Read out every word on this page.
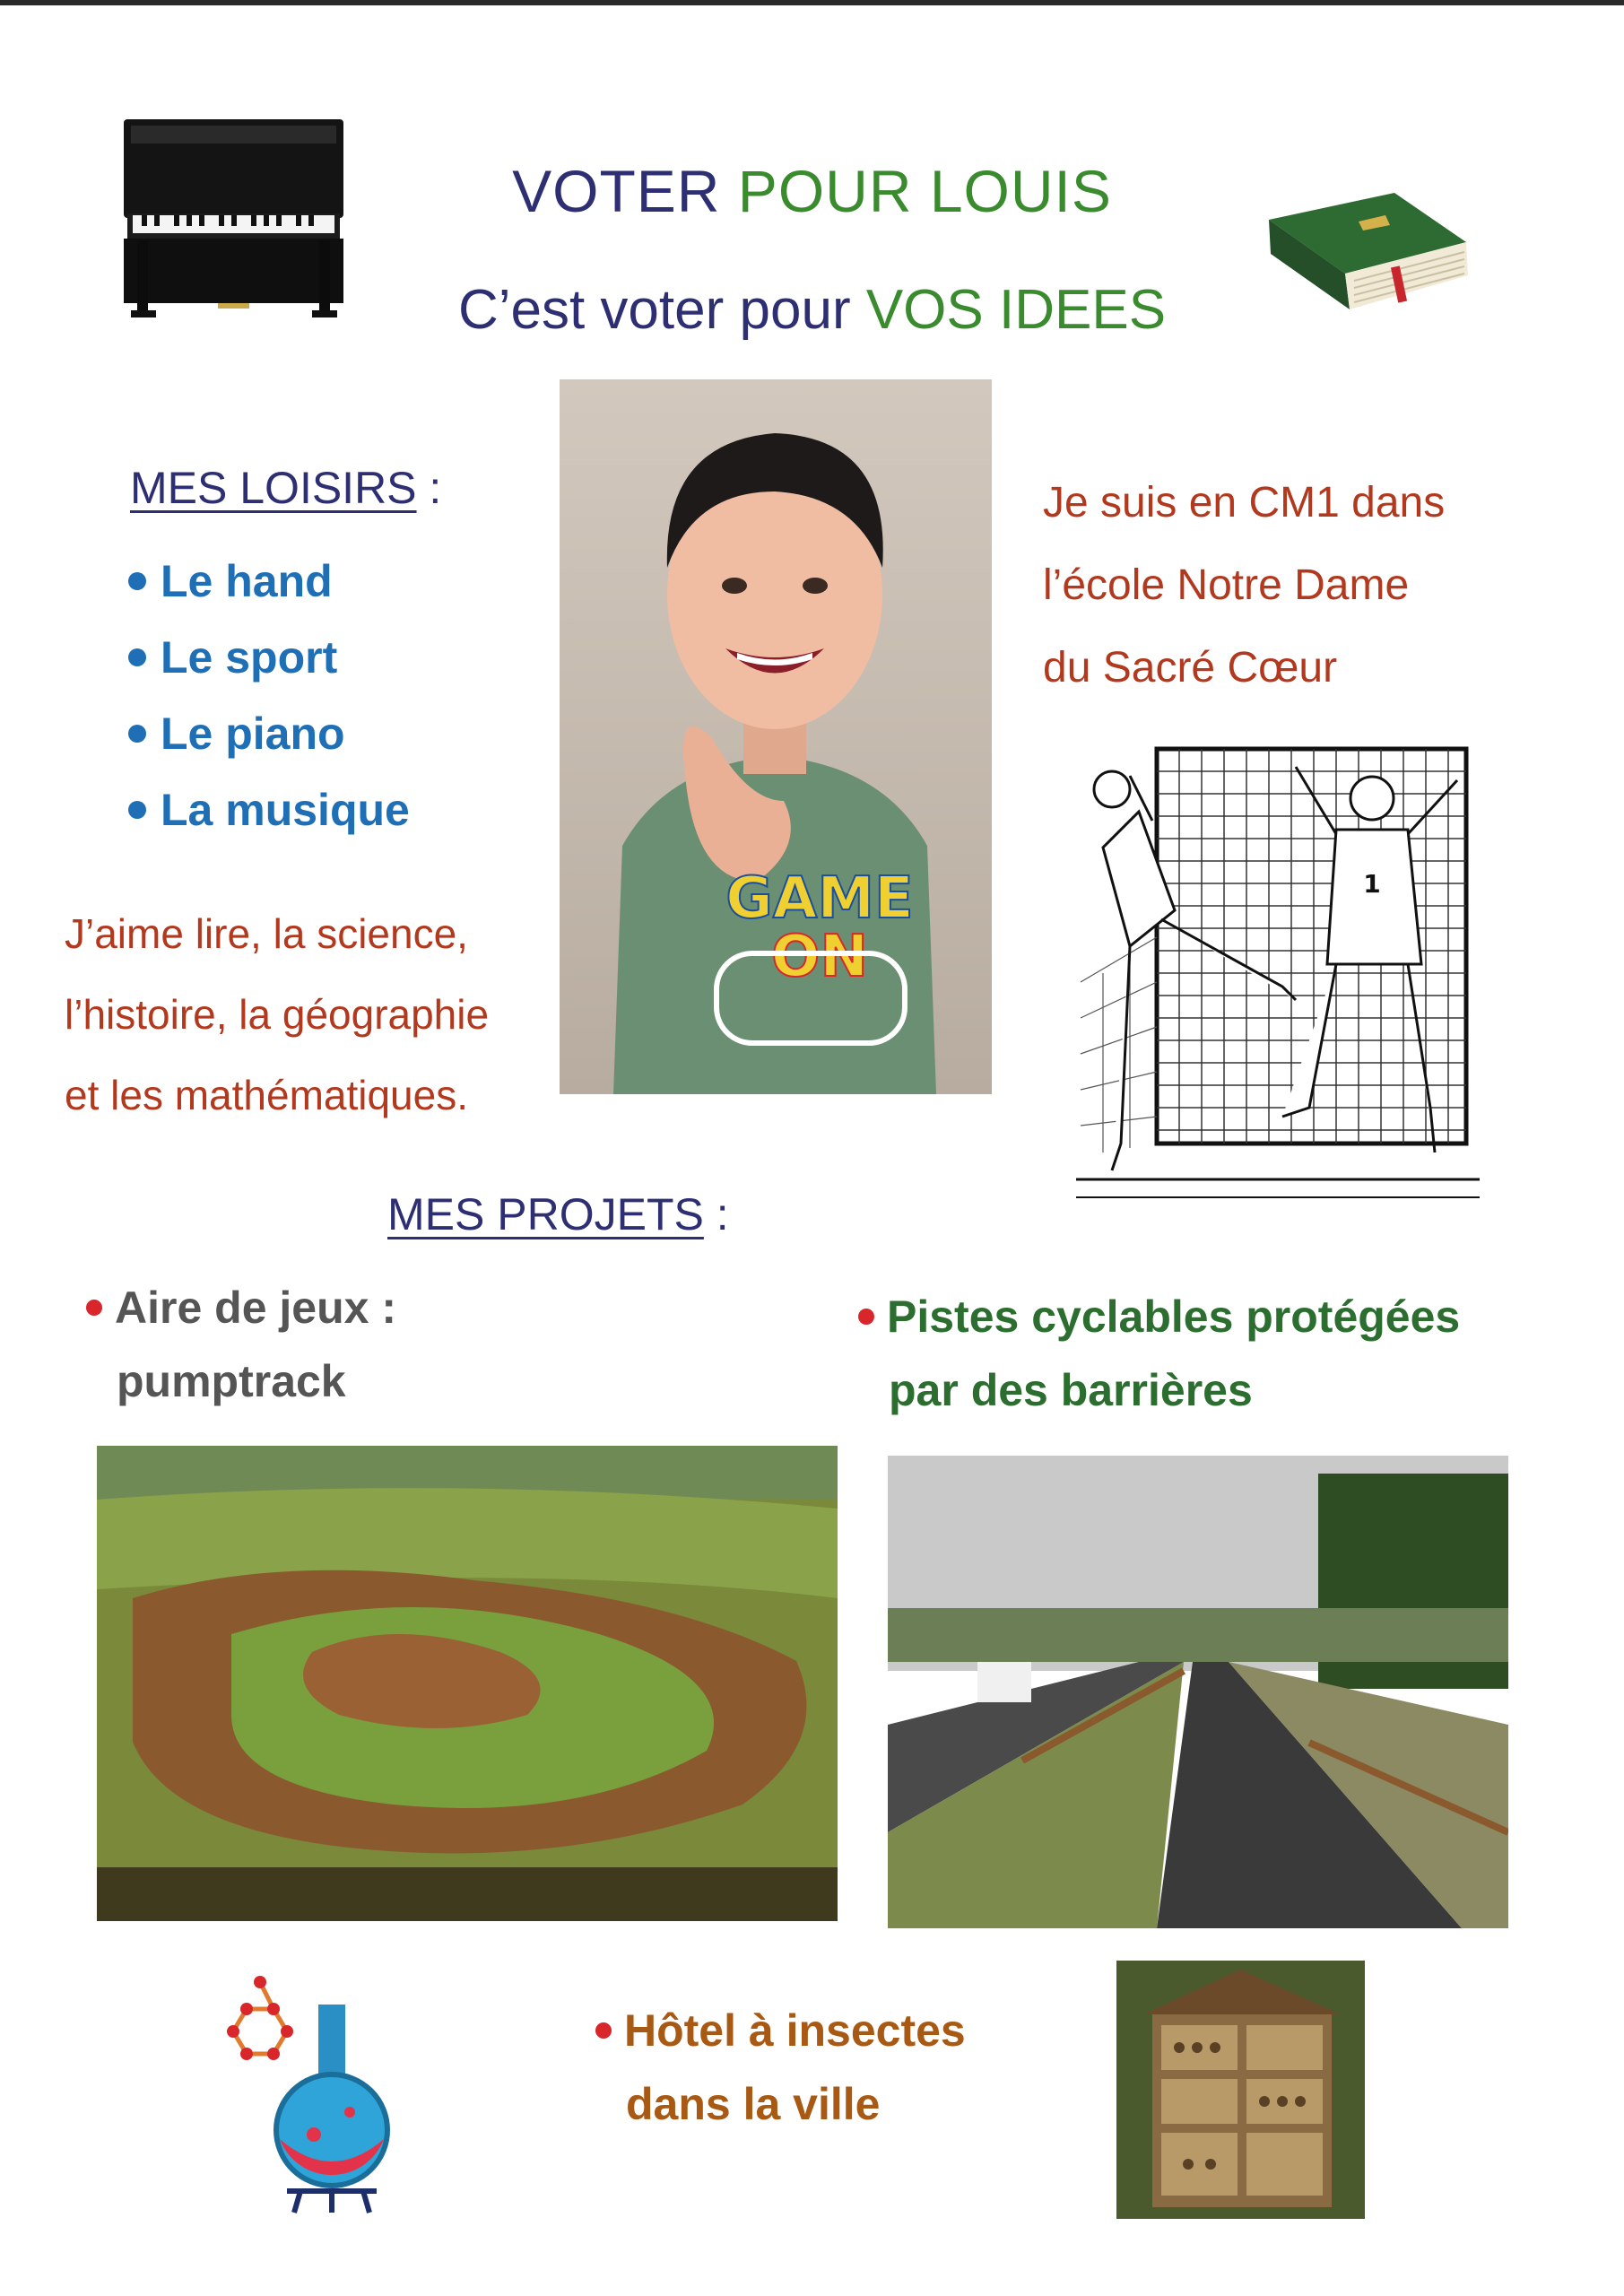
VOTER POUR LOUIS
C’est voter pour VOS IDEES
GAME
ON
MES LOISIRS :
Le hand
Le sport
Le piano
La musique
J’aime lire, la science,
l’histoire, la géographie
et les mathématiques.
Je suis en CM1 dans
l’école Notre Dame
du Sacré Cœur
1
MES PROJETS :
Aire de jeux :
pumptrack
Pistes cyclables protégées
par des barrières
Hôtel à insectes
dans la ville
